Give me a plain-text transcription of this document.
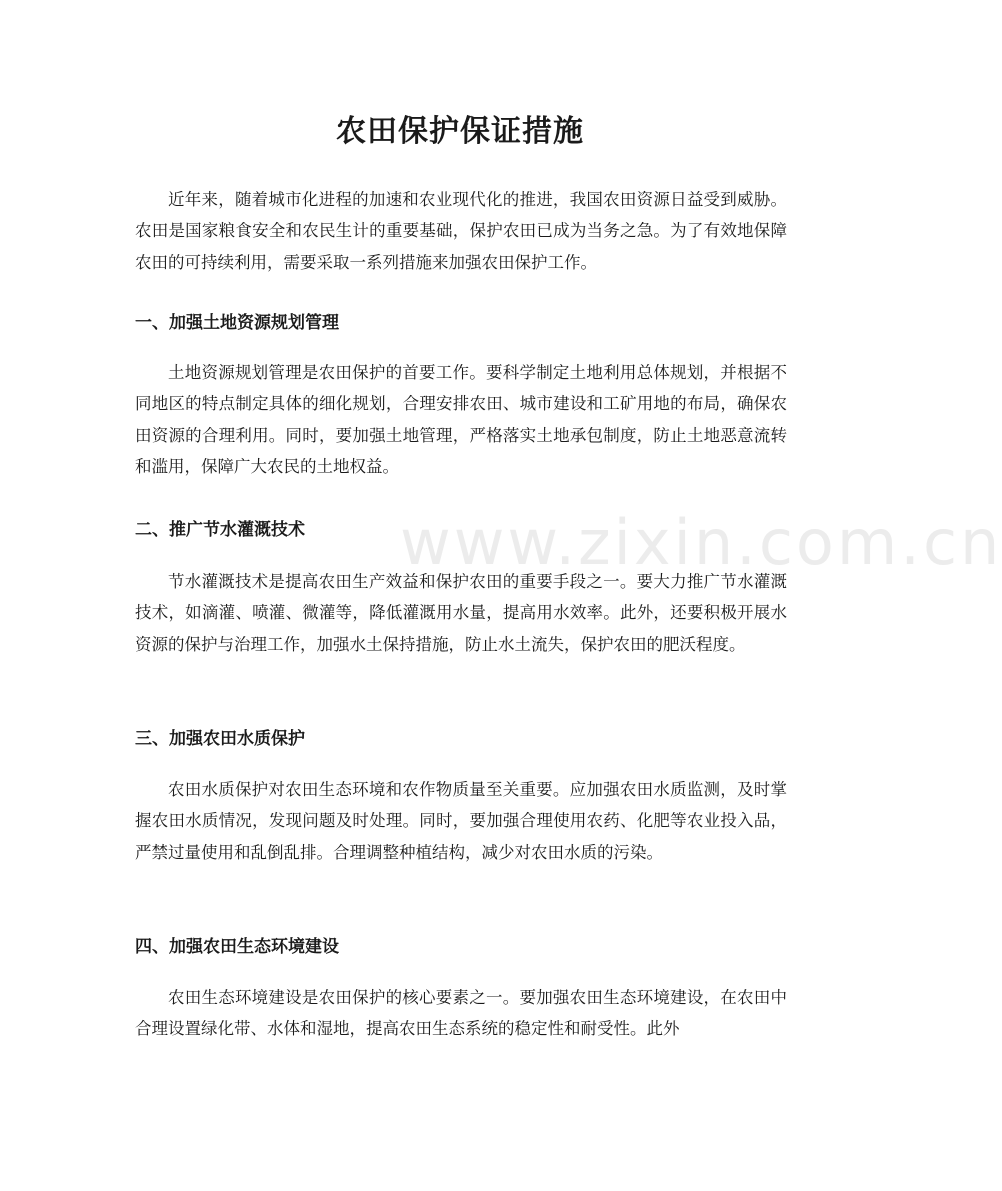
www.zixin.com.cn
农田保护保证措施

近年来，随着城市化进程的加速和农业现代化的推进，我国农田资源日益受到威胁。农田是国家粮食安全和农民生计的重要基础，保护农田已成为当务之急。为了有效地保障农田的可持续利用，需要采取一系列措施来加强农田保护工作。

一、加强土地资源规划管理

土地资源规划管理是农田保护的首要工作。要科学制定土地利用总体规划，并根据不同地区的特点制定具体的细化规划，合理安排农田、城市建设和工矿用地的布局，确保农田资源的合理利用。同时，要加强土地管理，严格落实土地承包制度，防止土地恶意流转和滥用，保障广大农民的土地权益。

二、推广节水灌溉技术

节水灌溉技术是提高农田生产效益和保护农田的重要手段之一。要大力推广节水灌溉技术，如滴灌、喷灌、微灌等，降低灌溉用水量，提高用水效率。此外，还要积极开展水资源的保护与治理工作，加强水土保持措施，防止水土流失，保护农田的肥沃程度。

三、加强农田水质保护

农田水质保护对农田生态环境和农作物质量至关重要。应加强农田水质监测，及时掌握农田水质情况，发现问题及时处理。同时，要加强合理使用农药、化肥等农业投入品，严禁过量使用和乱倒乱排。合理调整种植结构，减少对农田水质的污染。

四、加强农田生态环境建设

农田生态环境建设是农田保护的核心要素之一。要加强农田生态环境建设，在农田中合理设置绿化带、水体和湿地，提高农田生态系统的稳定性和耐受性。此外
